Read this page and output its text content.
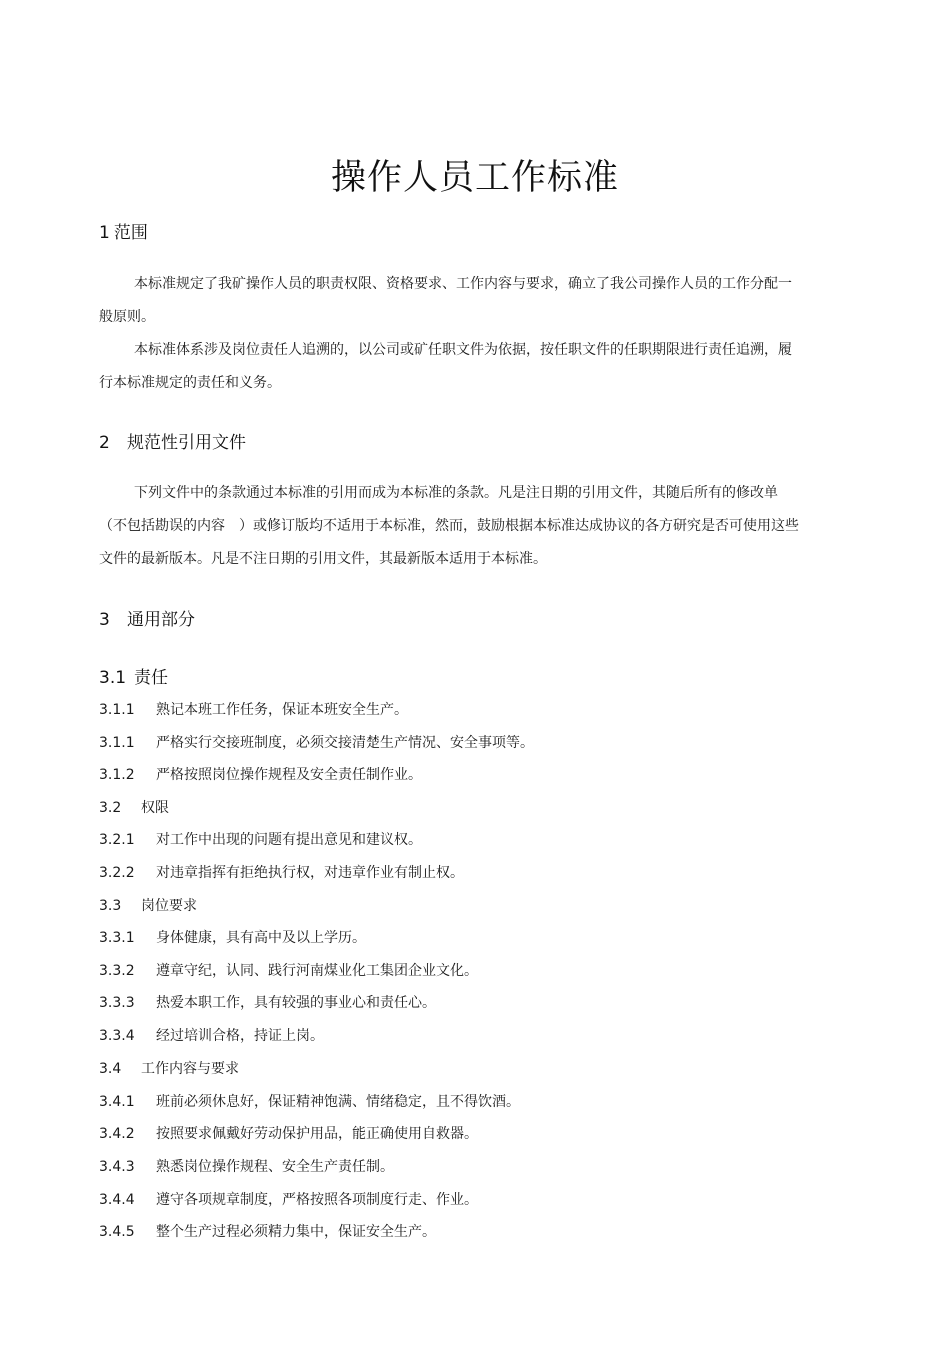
操作人员工作标准
1 范围
本标准规定了我矿操作人员的职责权限、资格要求、工作内容与要求，确立了我公司操作人员的工作分配一般原则。
本标准体系涉及岗位责任人追溯的，以公司或矿任职文件为依据，按任职文件的任职期限进行责任追溯，履行本标准规定的责任和义务。
2 规范性引用文件
下列文件中的条款通过本标准的引用而成为本标准的条款。凡是注日期的引用文件，其随后所有的修改单（不包括勘误的内容　）或修订版均不适用于本标准，然而，鼓励根据本标准达成协议的各方研究是否可使用这些文件的最新版本。凡是不注日期的引用文件，其最新版本适用于本标准。
3 通用部分
3.1 责任
3.1.1 熟记本班工作任务，保证本班安全生产。
3.1.1 严格实行交接班制度，必须交接清楚生产情况、安全事项等。
3.1.2 严格按照岗位操作规程及安全责任制作业。
3.2 权限
3.2.1 对工作中出现的问题有提出意见和建议权。
3.2.2 对违章指挥有拒绝执行权，对违章作业有制止权。
3.3 岗位要求
3.3.1 身体健康，具有高中及以上学历。
3.3.2 遵章守纪，认同、践行河南煤业化工集团企业文化。
3.3.3 热爱本职工作，具有较强的事业心和责任心。
3.3.4 经过培训合格，持证上岗。
3.4 工作内容与要求
3.4.1 班前必须休息好，保证精神饱满、情绪稳定，且不得饮酒。
3.4.2 按照要求佩戴好劳动保护用品，能正确使用自救器。
3.4.3 熟悉岗位操作规程、安全生产责任制。
3.4.4 遵守各项规章制度，严格按照各项制度行走、作业。
3.4.5 整个生产过程必须精力集中，保证安全生产。
